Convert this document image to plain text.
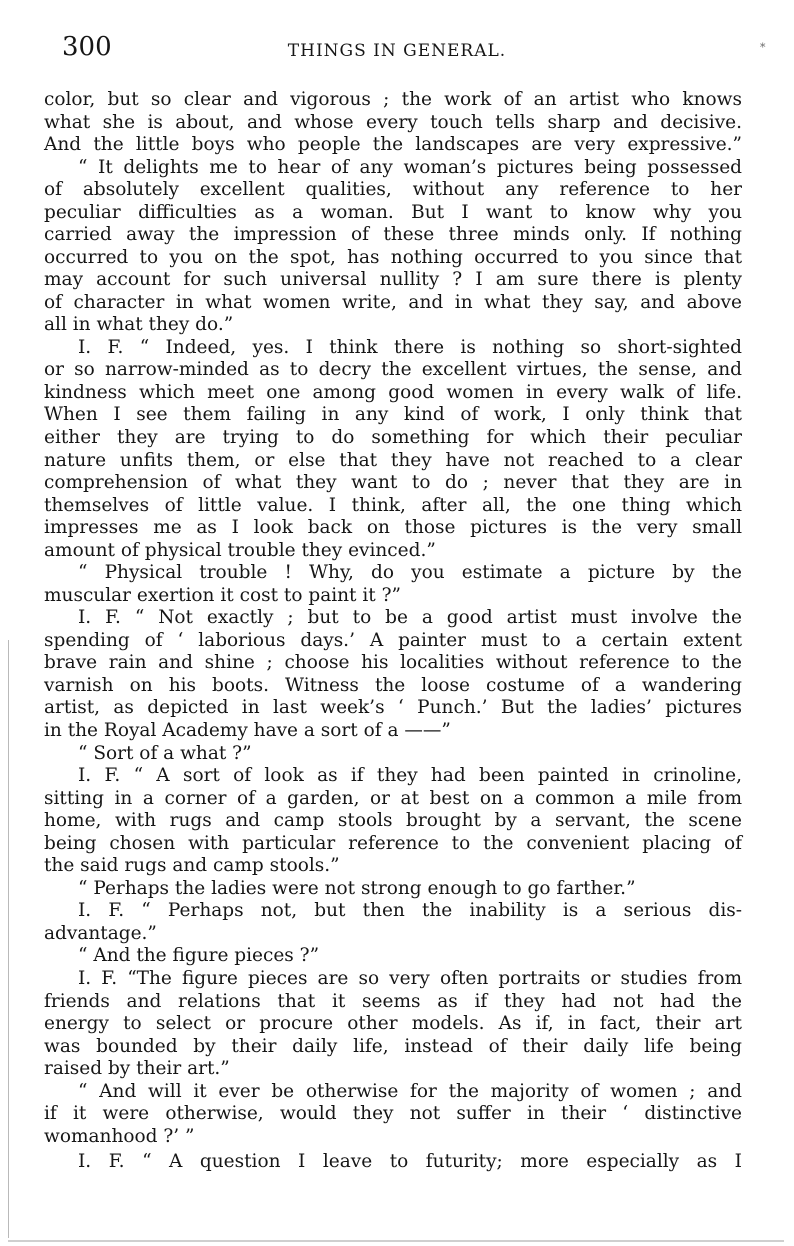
300	THINGS IN GENERAL.	*
color, but so clear and vigorous ; the work of an artist who knows
what she is about, and whose every touch tells sharp and decisive.
And the little boys who people the landscapes are very expressive.”
“ It delights me to hear of any woman’s pictures being possessed
of absolutely excellent qualities, without any reference to her
peculiar difficulties as a woman. But I want to know why you
carried away the impression of these three minds only. If nothing
occurred to you on the spot, has nothing occurred to you since that
may account for such universal nullity ? I am sure there is plenty
of character in what women write, and in what they say, and above
all in what they do.”
I. F. “ Indeed, yes. I think there is nothing so short-sighted
or so narrow-minded as to decry the excellent virtues, the sense, and
kindness which meet one among good women in every walk of life.
When I see them failing in any kind of work, I only think that
either they are trying to do something for which their peculiar
nature unfits them, or else that they have not reached to a clear
comprehension of what they want to do ; never that they are in
themselves of little value. I think, after all, the one thing which
impresses me as I look back on those pictures is the very small
amount of physical trouble they evinced.”
“ Physical trouble ! Why, do you estimate a picture by the
muscular exertion it cost to paint it ?”
I. F. “ Not exactly ; but to be a good artist must involve the
spending of ‘ laborious days.’ A painter must to a certain extent
brave rain and shine ; choose his localities without reference to the
varnish on his boots. Witness the loose costume of a wandering
artist, as depicted in last week’s ‘ Punch.’ But the ladies’ pictures
in the Royal Academy have a sort of a ——”
“ Sort of a what ?”
I. F. “ A sort of look as if they had been painted in crinoline,
sitting in a corner of a garden, or at best on a common a mile from
home, with rugs and camp stools brought by a servant, the scene
being chosen with particular reference to the convenient placing of
the said rugs and camp stools.”
“ Perhaps the ladies were not strong enough to go farther.”
I. F. “ Perhaps not, but then the inability is a serious dis-
advantage.”
“ And the figure pieces ?”
I. F. “The figure pieces are so very often portraits or studies from
friends and relations that it seems as if they had not had the
energy to select or procure other models. As if, in fact, their art
was bounded by their daily life, instead of their daily life being
raised by their art.”
“ And will it ever be otherwise for the majority of women ; and
if it were otherwise, would they not suffer in their ‘ distinctive
womanhood ?’ ”
I. F. “ A question I leave to futurity; more especially as I
